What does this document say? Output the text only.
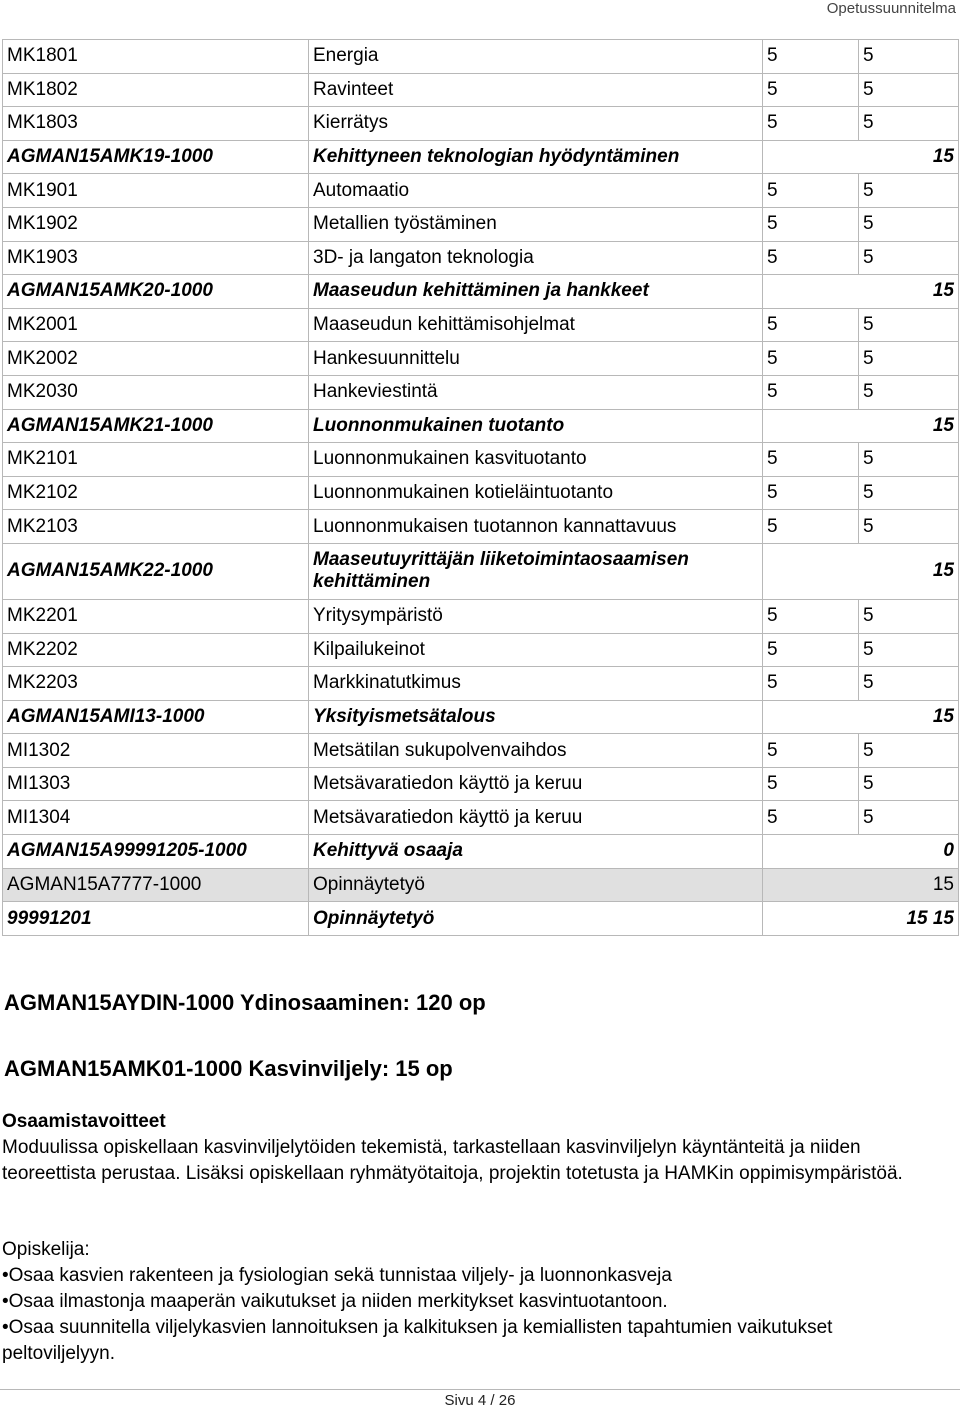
Opetussuunnitelma
MK1801	Energia	5	5
MK1802	Ravinteet	5	5
MK1803	Kierrätys	5	5
AGMAN15AMK19-1000	Kehittyneen teknologian hyödyntäminen	15	
MK1901	Automaatio	5	5
MK1902	Metallien työstäminen	5	5
MK1903	3D- ja langaton teknologia	5	5
AGMAN15AMK20-1000	Maaseudun kehittäminen ja hankkeet	15	
MK2001	Maaseudun kehittämisohjelmat	5	5
MK2002	Hankesuunnittelu	5	5
MK2030	Hankeviestintä	5	5
AGMAN15AMK21-1000	Luonnonmukainen tuotanto	15	
MK2101	Luonnonmukainen kasvituotanto	5	5
MK2102	Luonnonmukainen kotieläintuotanto	5	5
MK2103	Luonnonmukaisen tuotannon kannattavuus	5	5
AGMAN15AMK22-1000	Maaseutuyrittäjän liiketoimintaosaamisen kehittäminen	15	
MK2201	Yritysympäristö	5	5
MK2202	Kilpailukeinot	5	5
MK2203	Markkinatutkimus	5	5
AGMAN15AMI13-1000	Yksityismetsätalous	15	
MI1302	Metsätilan sukupolvenvaihdos	5	5
MI1303	Metsävaratiedon käyttö ja keruu	5	5
MI1304	Metsävaratiedon käyttö ja keruu	5	5
AGMAN15A99991205-1000	Kehittyvä osaaja	0	
AGMAN15A7777-1000	Opinnäytetyö	15	
99991201	Opinnäytetyö	15 15	
AGMAN15AYDIN-1000 Ydinosaaminen: 120 op
AGMAN15AMK01-1000 Kasvinviljely: 15 op
Osaamistavoitteet
Moduulissa opiskellaan kasvinviljelytöiden tekemistä, tarkastellaan kasvinviljelyn käyntänteitä ja niiden teoreettista perustaa. Lisäksi opiskellaan ryhmätyötaitoja, projektin totetusta ja HAMKin oppimisympäristöä.
Opiskelija:
•Osaa kasvien rakenteen ja fysiologian sekä tunnistaa viljely- ja luonnonkasveja
•Osaa ilmastonja maaperän vaikutukset ja niiden merkitykset kasvintuotantoon.
•Osaa suunnitella viljelykasvien lannoituksen ja kalkituksen ja kemiallisten tapahtumien vaikutukset peltoviljelyyn.
Sivu 4 / 26
